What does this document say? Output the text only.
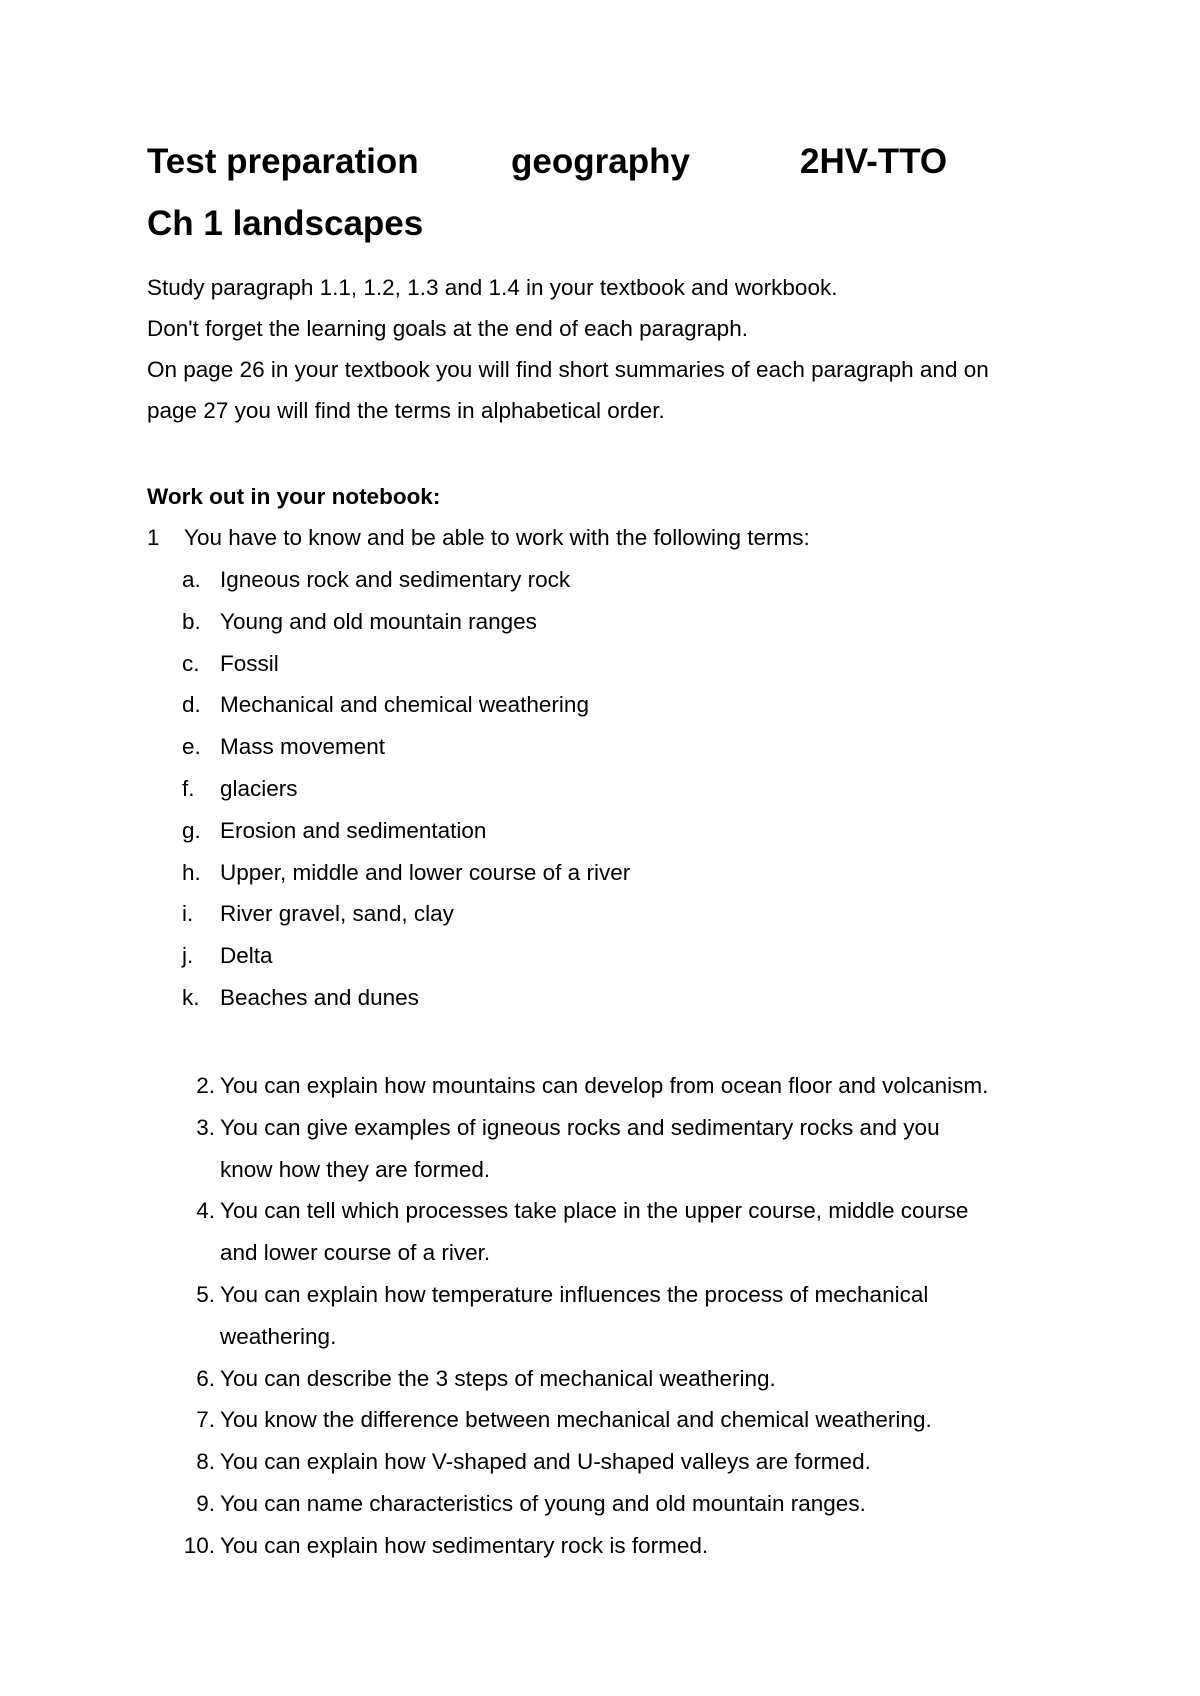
Test preparation	geography	2HV-TTO
Ch 1 landscapes
Study paragraph 1.1, 1.2, 1.3 and 1.4 in your textbook and workbook.
Don't forget the learning goals at the end of each paragraph.
On page 26 in your textbook you will find short summaries of each paragraph and on
page 27 you will find the terms in alphabetical order.
Work out in your notebook:
1 You have to know and be able to work with the following terms:
a. Igneous rock and sedimentary rock
b. Young and old mountain ranges
c. Fossil
d. Mechanical and chemical weathering
e. Mass movement
f. glaciers
g. Erosion and sedimentation
h. Upper, middle and lower course of a river
i. River gravel, sand, clay
j. Delta
k. Beaches and dunes
2. You can explain how mountains can develop from ocean floor and volcanism.
3. You can give examples of igneous rocks and sedimentary rocks and you
know how they are formed.
4. You can tell which processes take place in the upper course, middle course
and lower course of a river.
5. You can explain how temperature influences the process of mechanical
weathering.
6. You can describe the 3 steps of mechanical weathering.
7. You know the difference between mechanical and chemical weathering.
8. You can explain how V-shaped and U-shaped valleys are formed.
9. You can name characteristics of young and old mountain ranges.
10. You can explain how sedimentary rock is formed.
